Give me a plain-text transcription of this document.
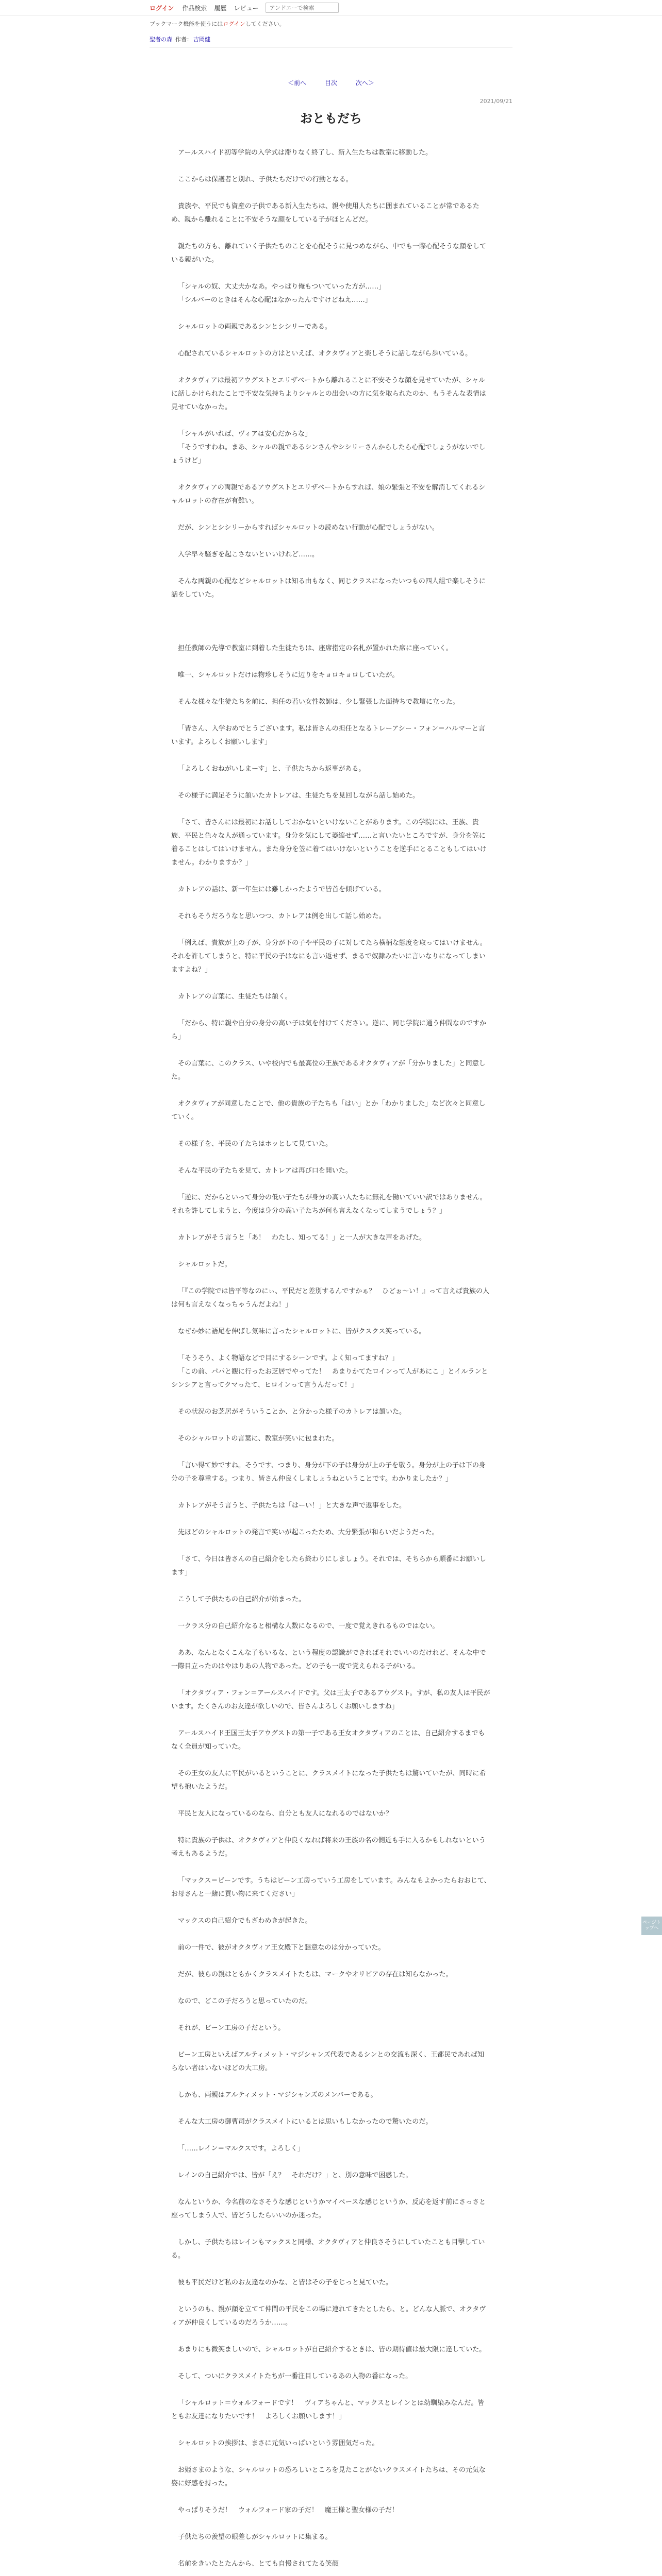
ログイン 作品検索 履歴 レビュー
アンドエーで検索
ブックマーク機能を使うにはログインしてください。
聖者の森 作者： 吉岡健
＜前へ	目次	次へ＞
2021/09/21
おともだち

アールスハイド初等学院の入学式は滞りなく終了し、新入生たちは教室に移動した。

ここからは保護者と別れ、子供たちだけでの行動となる。

貴族や、平民でも資産の子供である新入生たちは、親や使用人たちに囲まれていることが常であるため、親から離れることに不安そうな顔をしている子がほとんどだ。

親たちの方も、離れていく子供たちのことを心配そうに見つめながら、中でも一際心配そうな顔をしている親がいた。

「シャルの奴、大丈夫かなあ。やっぱり俺もついていった方が……」

「シルバーのときはそんな心配はなかったんですけどねえ……」

シャルロットの両親であるシンとシシリーである。

心配されているシャルロットの方はといえば、オクタヴィアと楽しそうに話しながら歩いている。

オクタヴィアは最初アウグストとエリザベートから離れることに不安そうな顔を見せていたが、シャルに話しかけられたことで不安な気持ちよりシャルとの出会いの方に気を取られたのか、もうそんな表情は見せていなかった。

「シャルがいれば、ヴィアは安心だからな」

「そうですわね。まあ、シャルの親であるシンさんやシシリーさんからしたら心配でしょうがないでしょうけど」

オクタヴィアの両親であるアウグストとエリザベートからすれば、娘の緊張と不安を解消してくれるシャルロットの存在が有難い。

だが、シンとシシリーからすればシャルロットの読めない行動が心配でしょうがない。

入学早々騒ぎを起こさないといいけれど……。

そんな両親の心配などシャルロットは知る由もなく、同じクラスになったいつもの四人組で楽しそうに話をしていた。

担任教師の先導で教室に到着した生徒たちは、座席指定の名札が置かれた席に座っていく。

唯一、シャルロットだけは物珍しそうに辺りをキョロキョロしていたが。

そんな様々な生徒たちを前に、担任の若い女性教師は、少し緊張した面持ちで教壇に立った。

「皆さん、入学おめでとうございます。私は皆さんの担任となるトレーアシー・フォン＝ハルマーと言います。よろしくお願いします」

「よろしくおねがいしまーす」と、子供たちから返事がある。

その様子に満足そうに頷いたカトレアは、生徒たちを見回しながら話し始めた。

「さて、皆さんには最初にお話ししておかないといけないことがあります。この学院には、王族、貴族、平民と色々な人が通っています。身分を気にして萎縮せず……と言いたいところですが、身分を笠に着ることはしてはいけません。また身分を笠に着てはいけないということを逆手にとることもしてはいけません。わかりますか？」

カトレアの話は、新一年生には難しかったようで皆首を傾げている。

それもそうだろうなと思いつつ、カトレアは例を出して話し始めた。

「例えば、貴族が上の子が、身分が下の子や平民の子に対してたら横柄な態度を取ってはいけません。それを許してしまうと、特に平民の子はなにも言い返せず、まるで奴隷みたいに言いなりになってしまいますよね？」

カトレアの言葉に、生徒たちは頷く。

「だから、特に親や自分の身分の高い子は気を付けてください。逆に、同じ学院に通う仲間なのですから」

その言葉に、このクラス、いや校内でも最高位の王族であるオクタヴィアが「分かりました」と同意した。

オクタヴィアが同意したことで、他の貴族の子たちも「はい」とか「わかりました」など次々と同意していく。

その様子を、平民の子たちはホッとして見ていた。

そんな平民の子たちを見て、カトレアは再び口を開いた。

「逆に、だからといって身分の低い子たちが身分の高い人たちに無礼を働いていい訳ではありません。それを許してしまうと、今度は身分の高い子たちが何も言えなくなってしまうでしょう？」

カトレアがそう言うと「あ！　わたし、知ってる！」と一人が大きな声をあげた。

シャルロットだ。

「『この学院では皆平等なのにぃ、平民だと差別するんですかぁ？　ひどぉ～い！』って言えば貴族の人は何も言えなくなっちゃうんだよね！」

なぜか妙に語尾を伸ばし気味に言ったシャルロットに、皆がクスクス笑っている。

「そうそう、よく物語などで目にするシーンです。よく知ってますね？」

「この前、パパと観に行ったお芝居でやってた！　あまりかてたロインって人があにこ 」とイルランとシンシアと言ってクマったて、ヒロインって言うんだって！」

その状況のお芝居がそういうことか、と分かった様子のカトレアは頷いた。

そのシャルロットの言葉に、教室が笑いに包まれた。

「言い得て妙ですね。そうです、つまり、身分が下の子は身分が上の子を敬う。身分が上の子は下の身分の子を尊重する。つまり、皆さん仲良くしましょうねということです。わかりましたか？」

カトレアがそう言うと、子供たちは「はーい！」と大きな声で返事をした。

先ほどのシャルロットの発言で笑いが起こったため、大分緊張が和らいだようだった。

「さて、今日は皆さんの自己紹介をしたら終わりにしましょう。それでは、そちらから順番にお願いします」

こうして子供たちの自己紹介が始まった。

一クラス分の自己紹介なると相構な人数になるので、一度で覚えきれるものではない。

ああ、なんとなくこんな子もいるな、という程度の認識ができればそれでいいのだけれど、そんな中で一際目立ったのはやはりあの人物であった。どの子も一度で覚えられる子がいる。

「オクタヴィア・フォン＝アールスハイドです。父は王太子であるアウグスト。すが、私の友人は平民がいます。たくさんのお友達が欲しいので、皆さんよろしくお願いしますね」

アールスハイド王国王太子アウグストの第一子である王女オクタヴィアのことは、自己紹介するまでもなく全員が知っていた。

その王女の友人に平民がいるということに、クラスメイトになった子供たちは驚いていたが、同時に希望も抱いたようだ。

平民と友人になっているのなら、自分とも友人になれるのではないか？

特に貴族の子供は、オクタヴィアと仲良くなれば将来の王族の名の側近も手に入るかもしれないという考えもあるようだ。

「マックス＝ビーンです。うちはビーン工房っていう工房をしています。みんなもよかったらおおじて、お母さんと一緒に買い物に来てください」

マックスの自己紹介でもざわめきが起きた。

前の一件で、彼がオクタヴィア王女殿下と懇意なのは分かっていた。

だが、彼らの親はともかくクラスメイトたちは、マークやオリビアの存在は知らなかった。

なので、どこの子だろうと思っていたのだ。

それが、ビーン工房の子だという。

ビーン工房といえばアルティメット・マジシャンズ代表であるシンとの交流も深く、王都民であれば知らない者はいないほどの大工房。

しかも、両親はアルティメット・マジシャンズのメンバーである。

そんな大工房の御曹司がクラスメイトにいるとは思いもしなかったので驚いたのだ。

「……レイン＝マルクスです。よろしく」

レインの自己紹介では、皆が「え？　それだけ？」と、別の意味で困惑した。

なんというか、今名前のなさそうな感じというかマイペースな感じというか、反応を返す前にさっさと座ってしまう人で、皆どうしたらいいのか迷った。

しかし、子供たちはレインもマックスと同様、オクタヴィアと仲良さそうにしていたことも目撃している。

彼も平民だけど私のお友達なのかな、と皆はその子をじっと見ていた。

というのも、親が顔を立てて仲間の平民をこの場に連れてきたとしたら、と。どんな人脈で、オクタヴィアが仲良くしているのだろうか……。

あまりにも微笑ましいので、シャルロットが自己紹介するときは、皆の期待値は最大限に達していた。

そして、ついにクラスメイトたちが一番注目しているあの人物の番になった。

「シャルロット＝ウォルフォードです！　ヴィアちゃんと、マックスとレインとは幼馴染みなんだ。皆ともお友達になりたいです！　よろしくお願いします！」

シャルロットの挨拶は、まさに元気いっぱいという雰囲気だった。

お姫さまのような、シャルロットの恐ろしいところを見たことがないクラスメイトたちは、その元気な姿に好感を持った。

やっぱりそうだ！　ウォルフォード家の子だ！　魔王様と聖女様の子だ！

子供たちの羨望の眼差しがシャルロットに集まる。

名前をきいたとたんから、とても自慢されてたる笑顔

ページトップへ
